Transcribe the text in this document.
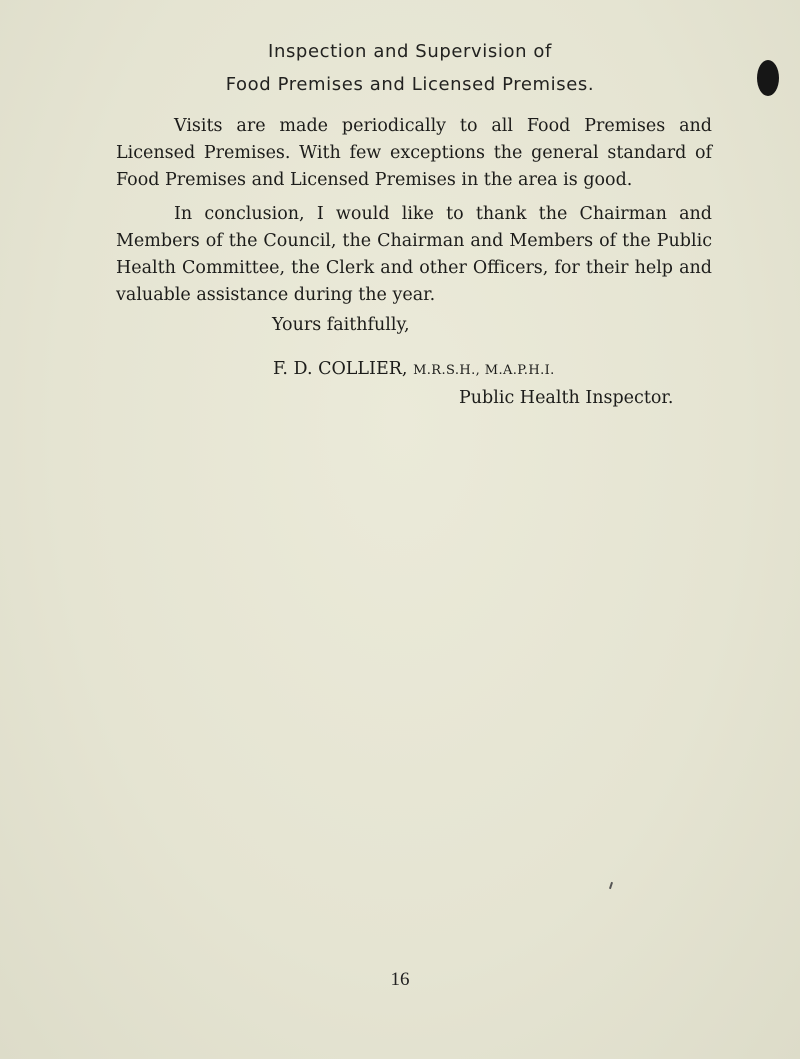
Inspection and Supervision of
Food Premises and Licensed Premises.

Visits are made periodically to all Food Premises and Licensed Premises. With few exceptions the general standard of Food Premises and Licensed Premises in the area is good.

In conclusion, I would like to thank the Chairman and Members of the Council, the Chairman and Members of the Public Health Committee, the Clerk and other Officers, for their help and valuable assistance during the year.

Yours faithfully,
F. D. COLLIER, M.R.S.H., M.A.P.H.I.
Public Health Inspector.
16
